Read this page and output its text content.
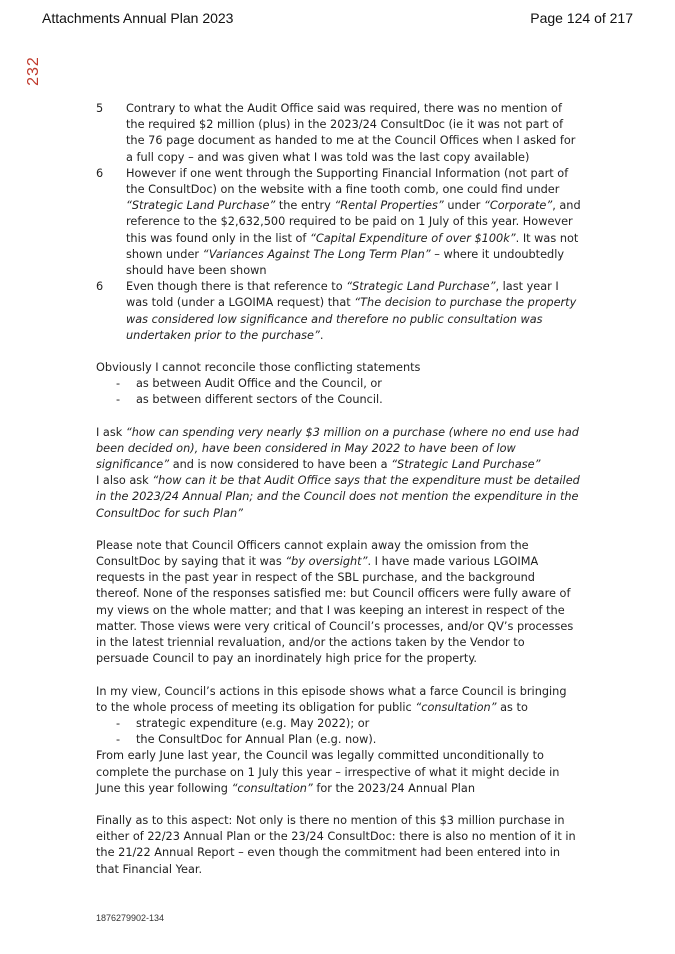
Attachments Annual Plan 2023	Page 124 of 217
232
5	Contrary to what the Audit Office said was required, there was no mention of the required $2 million (plus) in the 2023/24 ConsultDoc (ie it was not part of the 76 page document as handed to me at the Council Offices when I asked for a full copy – and was given what I was told was the last copy available)
6	However if one went through the Supporting Financial Information (not part of the ConsultDoc) on the website with a fine tooth comb, one could find under “Strategic Land Purchase” the entry “Rental Properties” under “Corporate”, and reference to the $2,632,500 required to be paid on 1 July of this year. However this was found only in the list of “Capital Expenditure of over $100k”. It was not shown under “Variances Against The Long Term Plan” – where it undoubtedly should have been shown
6	Even though there is that reference to “Strategic Land Purchase”, last year I was told (under a LGOIMA request) that “The decision to purchase the property was considered low significance and therefore no public consultation was undertaken prior to the purchase”.

Obviously I cannot reconcile those conflicting statements

-	as between Audit Office and the Council, or
-	as between different sectors of the Council.

I ask “how can spending very nearly $3 million on a purchase (where no end use had been decided on), have been considered in May 2022 to have been of low significance” and is now considered to have been a “Strategic Land Purchase”

I also ask “how can it be that Audit Office says that the expenditure must be detailed in the 2023/24 Annual Plan; and the Council does not mention the expenditure in the ConsultDoc for such Plan”

Please note that Council Officers cannot explain away the omission from the ConsultDoc by saying that it was “by oversight”. I have made various LGOIMA requests in the past year in respect of the SBL purchase, and the background thereof. None of the responses satisfied me: but Council officers were fully aware of my views on the whole matter; and that I was keeping an interest in respect of the matter. Those views were very critical of Council’s processes, and/or QV’s processes in the latest triennial revaluation, and/or the actions taken by the Vendor to persuade Council to pay an inordinately high price for the property.

In my view, Council’s actions in this episode shows what a farce Council is bringing to the whole process of meeting its obligation for public “consultation” as to

-	strategic expenditure (e.g. May 2022); or
-	the ConsultDoc for Annual Plan (e.g. now).

From early June last year, the Council was legally committed unconditionally to complete the purchase on 1 July this year – irrespective of what it might decide in June this year following “consultation” for the 2023/24 Annual Plan

Finally as to this aspect: Not only is there no mention of this $3 million purchase in either of 22/23 Annual Plan or the 23/24 ConsultDoc: there is also no mention of it in the 21/22 Annual Report – even though the commitment had been entered into in that Financial Year.

1876279902-134
